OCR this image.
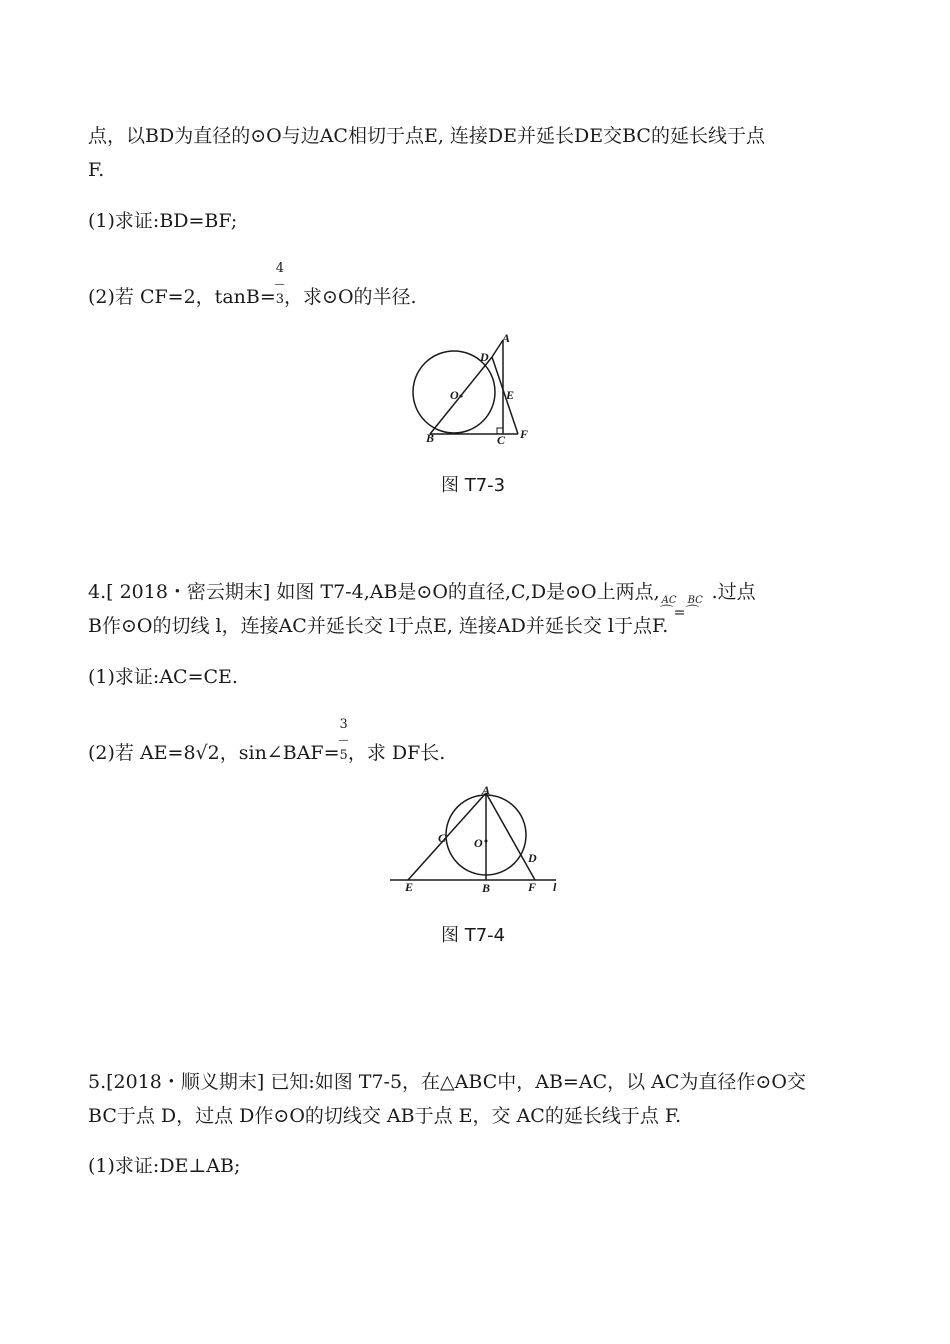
点，以BD为直径的⊙O与边AC相切于点E, 连接DE并延长DE交BC的延长线于点
F.
(1)求证:BD=BF;
(2)若 CF=2，tanB=
4
—
3，求⊙O的半径.
A
D
O	E
B	C F
图 T7-3
4.[ 2018・密云期末] 如图 T7-4,AB是⊙O的直径,C,D是⊙O上两点, AC BC
⌒=⌒
.过点
B作⊙O的切线 l，连接AC并延长交 l于点E, 连接AD并延长交 l于点F.
(1)求证:AC=CE.
(2)若 AE=8√2，sin∠BAF=
3
—
5，求 DF长.
A
C O
D
E	B	F l
图 T7-4
5.[2018・顺义期末] 已知:如图 T7-5，在△ABC中，AB=AC，以 AC为直径作⊙O交
BC于点 D，过点 D作⊙O的切线交 AB于点 E，交 AC的延长线于点 F.
(1)求证:DE⊥AB;
